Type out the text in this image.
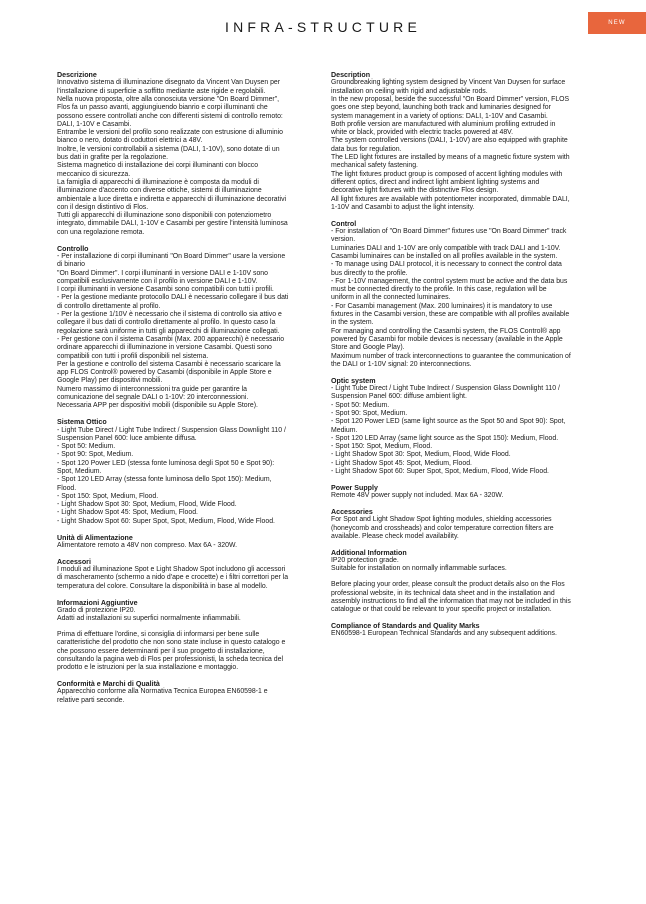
INFRA-STRUCTURE	NEW
Descrizione

Innovativo sistema di illuminazione disegnato da Vincent Van Duysen per l'installazione di superficie a soffitto mediante aste rigide e regolabili.
Nella nuova proposta, oltre alla conosciuta versione "On Board Dimmer", Flos fa un passo avanti, aggiungiuendo bianrio e corpi illuminanti che possono essere controllati anche con differenti sistemi di controllo remoto: DALI, 1-10V e Casambi.
Entrambe le versioni del profilo sono realizzate con estrusione di alluminio bianco o nero, dotato di coduttori elettrici a 48V.
Inoltre, le versioni controllabili a sistema (DALI, 1-10V), sono dotate di un bus dati in grafite per la regolazione.
Sistema magnetico di installazione dei corpi illuminanti con blocco meccanico di sicurezza.
La famiglia di apparecchi di illuminazione è composta da moduli di illuminazione d'accento con diverse ottiche, sistemi di illuminazione ambientale a luce diretta e indiretta e apparecchi di illuminazione decorativi con il design distintivo di Flos.
Tutti gli apparecchi di illuminazione sono disponibili con potenziometro integrato, dimmabile DALI, 1-10V e Casambi per gestire l'intensità luminosa con una regolazione remota.

Controllo

- Per installazione di corpi illuminanti "On Board Dimmer" usare la versione di binario
"On Board Dimmer". I corpi illuminanti in versione DALI e 1-10V sono compatibili esclusivamente con il profilo in versione DALI e 1-10V.
I corpi illuminanti in versione Casambi sono compatibili con tutti i profili.
- Per la gestione mediante protocollo DALI è necessario collegare il bus dati di controllo direttamente al profilo.
- Per la gestione 1/10V è necessario che il sistema di controllo sia attivo e collegare il bus dati di controllo direttamente al profilo. In questo caso la regolazione sarà uniforme in tutti gli apparecchi di illuminazione collegati.
- Per gestione con il sistema Casambi (Max. 200 apparecchi) è necessario ordinare apparecchi di illuminazione in versione Casambi. Questi sono compatibili con tutti i profili disponibili nel sistema.
Per la gestione e controllo del sistema Casambi è necessario scaricare la app FLOS Control® powered by Casambi (disponibile in Apple Store e Google Play) per dispositivi mobili.
Numero massimo di interconnessioni tra guide per garantire la comunicazione del segnale DALI o 1-10V: 20 interconnessioni.
Necessaria APP per dispositivi mobili (disponibile su Apple Store).

Sistema Ottico

- Light Tube Direct / Light Tube Indirect / Suspension Glass Downlight 110 / Suspension Panel 600: luce ambiente diffusa.
- Spot 50: Medium.
- Spot 90: Spot, Medium.
- Spot 120 Power LED (stessa fonte luminosa degli Spot 50 e Spot 90): Spot, Medium.
- Spot 120 LED Array (stessa fonte luminosa dello Spot 150): Medium, Flood.
- Spot 150: Spot, Medium, Flood.
- Light Shadow Spot 30: Spot, Medium, Flood, Wide Flood.
- Light Shadow Spot 45: Spot, Medium, Flood.
- Light Shadow Spot 60: Super Spot, Spot, Medium, Flood, Wide Flood.

Unità di Alimentazione

Alimentatore remoto a 48V non compreso. Max 6A - 320W.

Accessori

I moduli ad illuminazione Spot e Light Shadow Spot includono gli accessori di mascheramento (schermo a nido d'ape e crocette) e i filtri correttori per la temperatura del colore. Consultare la disponibilità in base al modello.

Informazioni Aggiuntive

Grado di protezione IP20.
Adatti ad installazioni su superfici normalmente infiammabili.

Prima di effettuare l'ordine, si consiglia di informarsi per bene sulle caratteristiche del prodotto che non sono state incluse in questo catalogo e che possono essere determinanti per il suo progetto di installazione, consultando la pagina web di Flos per professionisti, la scheda tecnica del prodotto e le istruzioni per la sua installazione e montaggio.

Conformità e Marchi di Qualità

Apparecchio conforme alla Normativa Tecnica Europea EN60598-1 e relative parti seconde.

Description

Groundbreaking lighting system designed by Vincent Van Duysen for surface installation on ceiling with rigid and adjustable rods.
In the new proposal, beside the successful "On Board Dimmer" version, FLOS goes one step beyond, launching both track and luminaries designed for system management in a variety of options: DALI, 1-10V and Casambi.
Both profile version are manufactured with aluminium profiling extruded in white or black, provided with electric tracks powered at 48V.
The system controlled versions (DALI, 1-10V) are also equipped with graphite data bus for regulation.
The LED light fixtures are installed by means of a magnetic fixture system with mechanical safety fastening.
The light fixtures product group is composed of accent lighting modules with different optics, direct and indirect light ambient lighting systems and decorative light fixtures with the distinctive Flos design.
All light fixtures are available with potentiometer incorporated, dimmable DALI, 1-10V and Casambi to adjust the light intensity.

Control

- For installation of "On Board Dimmer" fixtures use "On Board Dimmer" track version.
Luminaries DALI and 1-10V are only compatible with track DALI and 1-10V.
Casambi luminaires can be installed on all profiles available in the system.
- To manage using DALI protocol, it is necessary to connect the control data bus directly to the profile.
- For 1-10V management, the control system must be active and the data bus must be connected directly to the profile. In this case, regulation will be uniform in all the connected luminaires.
- For Casambi management (Max. 200 luminaires) it is mandatory to use fixtures in the Casambi version, these are compatible with all profiles available in the system.
For managing and controlling the Casambi system, the FLOS Control® app powered by Casambi for mobile devices is necessary (available in the Apple Store and Google Play).
Maximum number of track interconnections to guarantee the communication of the DALI or 1-10V signal: 20 interconnections.

Optic system

- Light Tube Direct / Light Tube Indirect / Suspension Glass Downlight 110 / Suspension Panel 600: diffuse ambient light.
- Spot 50: Medium.
- Spot 90: Spot, Medium.
- Spot 120 Power LED (same light source as the Spot 50 and Spot 90): Spot, Medium.
- Spot 120 LED Array (same light source as the Spot 150): Medium, Flood.
- Spot 150: Spot, Medium, Flood.
- Light Shadow Spot 30: Spot, Medium, Flood, Wide Flood.
- Light Shadow Spot 45: Spot, Medium, Flood.
- Light Shadow Spot 60: Super Spot, Spot, Medium, Flood, Wide Flood.

Power Supply

Remote 48V power supply not included. Max 6A - 320W.

Accessories

For Spot and Light Shadow Spot lighting modules, shielding accessories (honeycomb and crossheads) and color temperature correction filters are available. Please check model availability.

Additional Information

IP20 protection grade.
Suitable for installation on normally inflammable surfaces.

Before placing your order, please consult the product details also on the Flos professional website, in its technical data sheet and in the installation and assembly instructions to find all the information that may not be included in this catalogue or that could be relevant to your specific project or installation.

Compliance of Standards and Quality Marks

EN60598-1 European Technical Standards and any subsequent additions.
